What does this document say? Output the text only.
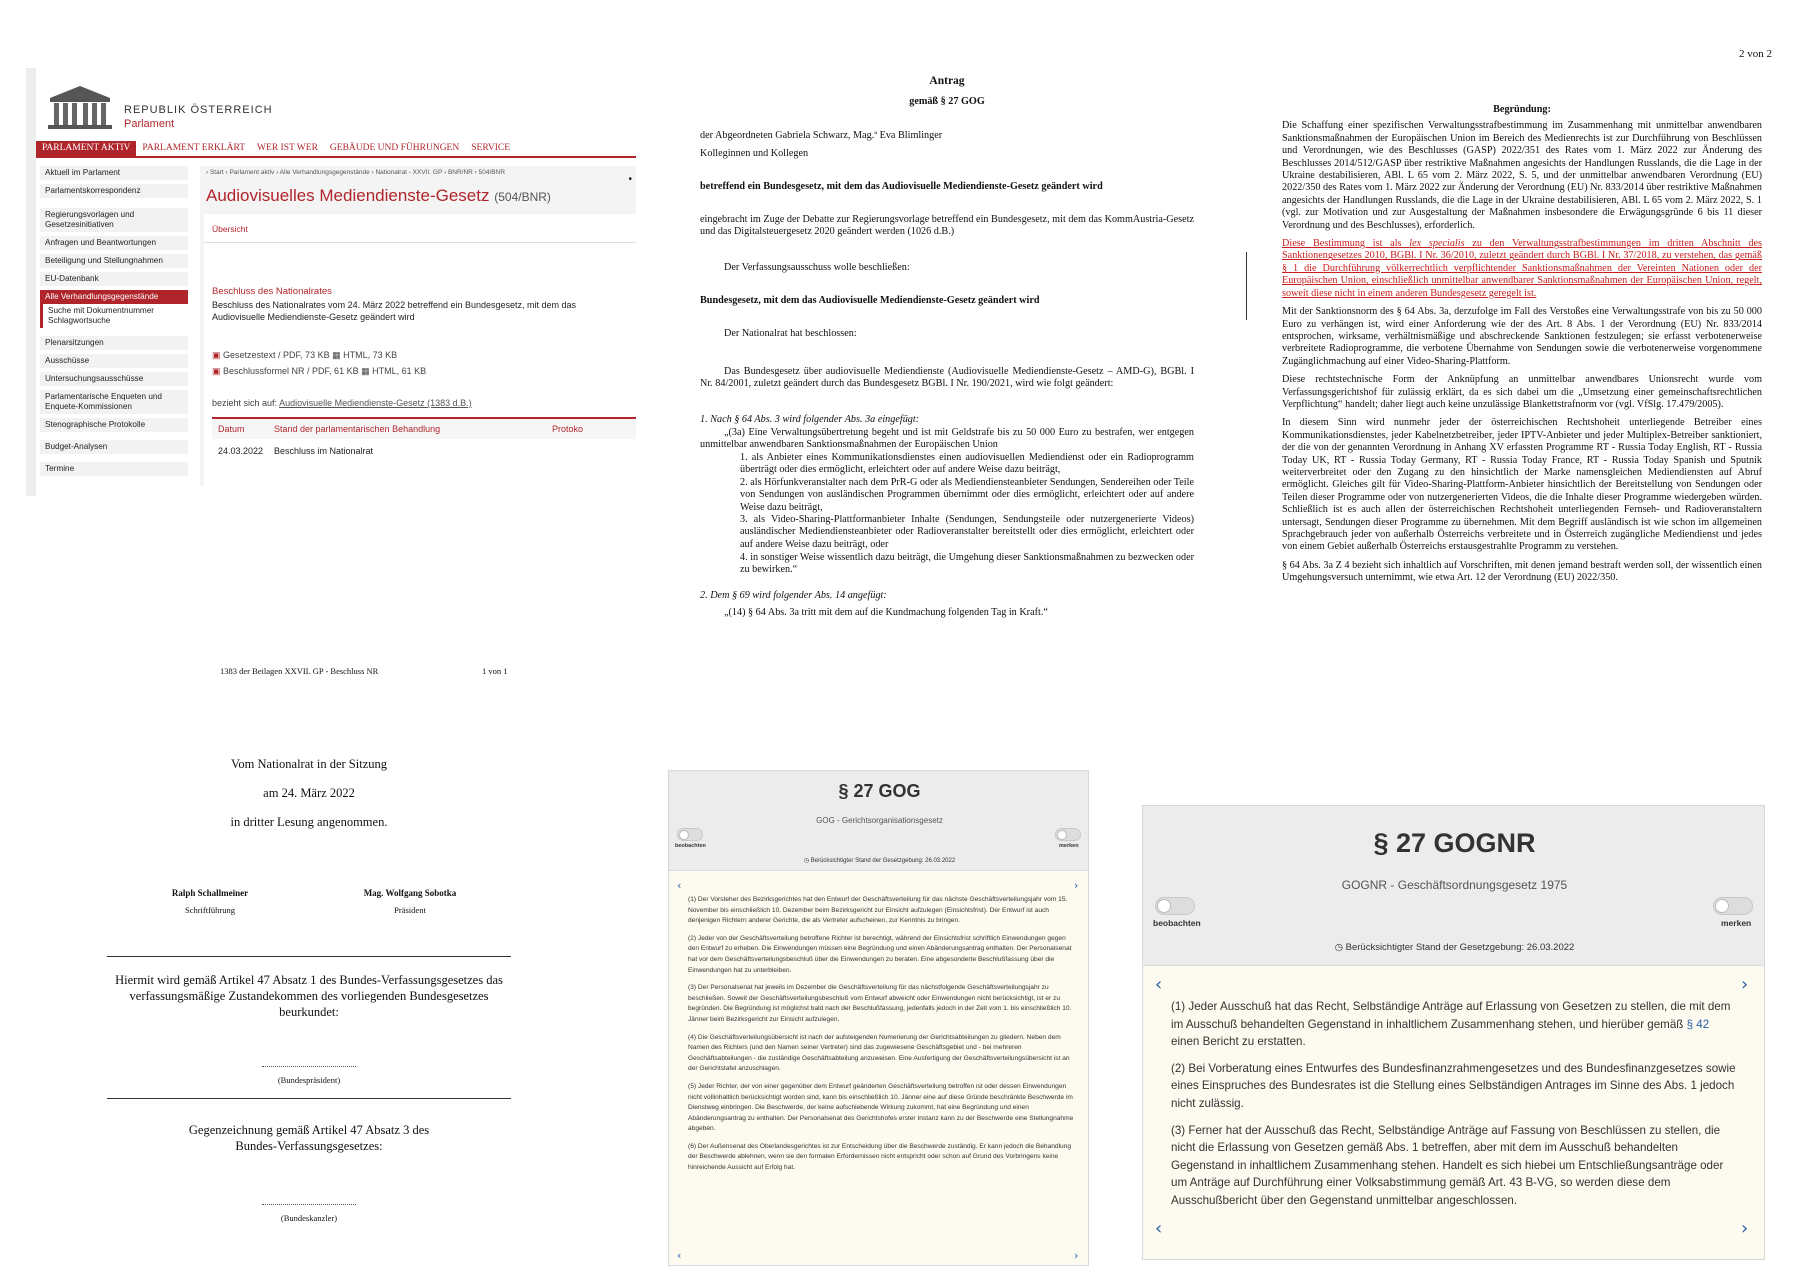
2 von 2
REPUBLIK ÖSTERREICH
Parlament
PARLAMENT AKTIV	PARLAMENT ERKLÄRT	WER IST WER	GEBÄUDE UND FÜHRUNGEN	SERVICE
Aktuell im Parlament
Parlamentskorrespondenz
Regierungsvorlagen und Gesetzesinitiativen
Anfragen und Beantwortungen
Beteiligung und Stellungnahmen
EU-Datenbank
Alle Verhandlungsgegenstände
Suche mit Dokumentnummer Schlagwortsuche
Plenarsitzungen
Ausschüsse
Untersuchungsausschüsse
Parlamentarische Enqueten und Enquete-Kommissionen
Stenographische Protokolle
Budget-Analysen
Termine
› Start › Parlament aktiv › Alle Verhandlungsgegenstände › Nationalrat - XXVII. GP › BNR/NR › 504/BNR
•
Audiovisuelles Mediendienste-Gesetz (504/BNR)
Übersicht
Beschluss des Nationalrates
Beschluss des Nationalrates vom 24. März 2022 betreffend ein Bundesgesetz, mit dem das Audiovisuelle Mediendienste-Gesetz geändert wird
▣ Gesetzestext / PDF, 73 KB ▦ HTML, 73 KB
▣ Beschlussformel NR / PDF, 61 KB ▦ HTML, 61 KB
bezieht sich auf: Audiovisuelle Mediendienste-Gesetz (1383 d.B.)
Datum	Stand der parlamentarischen Behandlung	Protoko
24.03.2022 Beschluss im Nationalrat

Antrag

gemäß § 27 GOG

der Abgeordneten Gabriela Schwarz, Mag.ª Eva Blimlinger

Kolleginnen und Kollegen

betreffend ein Bundesgesetz, mit dem das Audiovisuelle Mediendienste-Gesetz geändert wird

eingebracht im Zuge der Debatte zur Regierungsvorlage betreffend ein Bundesgesetz, mit dem das KommAustria-Gesetz und das Digitalsteuergesetz 2020 geändert werden (1026 d.B.)

Der Verfassungsausschuss wolle beschließen:

Bundesgesetz, mit dem das Audiovisuelle Mediendienste-Gesetz geändert wird

Der Nationalrat hat beschlossen:

Das Bundesgesetz über audiovisuelle Mediendienste (Audiovisuelle Mediendienste-Gesetz – AMD-G), BGBl. I Nr. 84/2001, zuletzt geändert durch das Bundesgesetz BGBl. I Nr. 190/2021, wird wie folgt geändert:

1. Nach § 64 Abs. 3 wird folgender Abs. 3a eingefügt:

„(3a) Eine Verwaltungsübertretung begeht und ist mit Geldstrafe bis zu 50 000 Euro zu bestrafen, wer entgegen unmittelbar anwendbaren Sanktionsmaßnahmen der Europäischen Union

1. als Anbieter eines Kommunikationsdienstes einen audiovisuellen Mediendienst oder ein Radioprogramm überträgt oder dies ermöglicht, erleichtert oder auf andere Weise dazu beiträgt,

2. als Hörfunkveranstalter nach dem PrR-G oder als Mediendiensteanbieter Sendungen, Sendereihen oder Teile von Sendungen von ausländischen Programmen übernimmt oder dies ermöglicht, erleichtert oder auf andere Weise dazu beiträgt,

3. als Video-Sharing-Plattformanbieter Inhalte (Sendungen, Sendungsteile oder nutzergenerierte Videos) ausländischer Mediendiensteanbieter oder Radioveranstalter bereitstellt oder dies ermöglicht, erleichtert oder auf andere Weise dazu beiträgt, oder

4. in sonstiger Weise wissentlich dazu beiträgt, die Umgehung dieser Sanktionsmaßnahmen zu bezwecken oder zu bewirken.“

2. Dem § 69 wird folgender Abs. 14 angefügt:

„(14) § 64 Abs. 3a tritt mit dem auf die Kundmachung folgenden Tag in Kraft.“

Begründung:

Die Schaffung einer spezifischen Verwaltungsstrafbestimmung im Zusammenhang mit unmittelbar anwendbaren Sanktionsmaßnahmen der Europäischen Union im Bereich des Medienrechts ist zur Durchführung von Beschlüssen und Verordnungen, wie des Beschlusses (GASP) 2022/351 des Rates vom 1. März 2022 zur Änderung des Beschlusses 2014/512/GASP über restriktive Maßnahmen angesichts der Handlungen Russlands, die die Lage in der Ukraine destabilisieren, ABl. L 65 vom 2. März 2022, S. 5, und der unmittelbar anwendbaren Verordnung (EU) 2022/350 des Rates vom 1. März 2022 zur Änderung der Verordnung (EU) Nr. 833/2014 über restriktive Maßnahmen angesichts der Handlungen Russlands, die die Lage in der Ukraine destabilisieren, ABl. L 65 vom 2. März 2022, S. 1 (vgl. zur Motivation und zur Ausgestaltung der Maßnahmen insbesondere die Erwägungsgründe 6 bis 11 dieser Verordnung und des Beschlusses), erforderlich.

Diese Bestimmung ist als lex specialis zu den Verwaltungsstrafbestimmungen im dritten Abschnitt des Sanktionengesetzes 2010, BGBl. I Nr. 36/2010, zuletzt geändert durch BGBl. I Nr. 37/2018, zu verstehen, das gemäß § 1 die Durchführung völkerrechtlich verpflichtender Sanktionsmaßnahmen der Vereinten Nationen oder der Europäischen Union, einschließlich unmittelbar anwendbarer Sanktionsmaßnahmen der Europäischen Union, regelt, soweit diese nicht in einem anderen Bundesgesetz geregelt ist.

Mit der Sanktionsnorm des § 64 Abs. 3a, derzufolge im Fall des Verstoßes eine Verwaltungsstrafe von bis zu 50 000 Euro zu verhängen ist, wird einer Anforderung wie der des Art. 8 Abs. 1 der Verordnung (EU) Nr. 833/2014 entsprochen, wirksame, verhältnismäßige und abschreckende Sanktionen festzulegen; sie erfasst verbotenerweise verbreitete Radioprogramme, die verbotene Übernahme von Sendungen sowie die verbotenerweise vorgenommene Zugänglichmachung auf einer Video-Sharing-Plattform.

Diese rechtstechnische Form der Anknüpfung an unmittelbar anwendbares Unionsrecht wurde vom Verfassungsgerichtshof für zulässig erklärt, da es sich dabei um die „Umsetzung einer gemeinschaftsrechtlichen Verpflichtung“ handelt; daher liegt auch keine unzulässige Blankettstrafnorm vor (vgl. VfSlg. 17.479/2005).

In diesem Sinn wird nunmehr jeder der österreichischen Rechtshoheit unterliegende Betreiber eines Kommunikationsdienstes, jeder Kabelnetzbetreiber, jeder IPTV-Anbieter und jeder Multiplex-Betreiber sanktioniert, der die von der genannten Verordnung in Anhang XV erfassten Programme RT - Russia Today English, RT - Russia Today UK, RT - Russia Today Germany, RT - Russia Today France, RT - Russia Today Spanish und Sputnik weiterverbreitet oder den Zugang zu den hinsichtlich der Marke namensgleichen Mediendiensten auf Abruf ermöglicht. Gleiches gilt für Video-Sharing-Plattform-Anbieter hinsichtlich der Bereitstellung von Sendungen oder Teilen dieser Programme oder von nutzergenerierten Videos, die die Inhalte dieser Programme wiedergeben würden. Schließlich ist es auch allen der österreichischen Rechtshoheit unterliegenden Fernseh- und Radioveranstaltern untersagt, Sendungen dieser Programme zu übernehmen. Mit dem Begriff ausländisch ist wie schon im allgemeinen Sprachgebrauch jeder von außerhalb Österreichs verbreitete und in Österreich zugängliche Mediendienst und jedes von einem Gebiet außerhalb Österreichs erstausgestrahlte Programm zu verstehen.

§ 64 Abs. 3a Z 4 bezieht sich inhaltlich auf Vorschriften, mit denen jemand bestraft werden soll, der wissentlich einen Umgehungsversuch unternimmt, wie etwa Art. 12 der Verordnung (EU) 2022/350.

1383 der Beilagen XXVII. GP - Beschluss NR	1 von 1
Vom Nationalrat in der Sitzung
am 24. März 2022
in dritter Lesung angenommen.
Ralph Schallmeiner
Schriftführung
Mag. Wolfgang Sobotka
Präsident
Hiermit wird gemäß Artikel 47 Absatz 1 des Bundes-Verfassungsgesetzes das verfassungsmäßige Zustandekommen des vorliegenden Bundesgesetzes beurkundet:
(Bundespräsident)
Gegenzeichnung gemäß Artikel 47 Absatz 3 des Bundes-Verfassungsgesetzes:
(Bundeskanzler)
§ 27 GOG
GOG - Gerichtsorganisationsgesetz
beobachten	merken
◷ Berücksichtigter Stand der Gesetzgebung: 26.03.2022
‹	›

(1) Der Vorsteher des Bezirksgerichtes hat den Entwurf der Geschäftsverteilung für das nächste Geschäftsverteilungsjahr vom 15. November bis einschließlich 10. Dezember beim Bezirksgericht zur Einsicht aufzulegen (Einsichtsfrist). Der Entwurf ist auch denjenigen Richtern anderer Gerichte, die als Vertreter aufscheinen, zur Kenntnis zu bringen.

(2) Jeder von der Geschäftsverteilung betroffene Richter ist berechtigt, während der Einsichtsfrist schriftlich Einwendungen gegen den Entwurf zu erheben. Die Einwendungen müssen eine Begründung und einen Abänderungsantrag enthalten. Der Personalsenat hat vor dem Geschäftsverteilungsbeschluß über die Einwendungen zu beraten. Eine abgesonderte Beschlußfassung über die Einwendungen hat zu unterbleiben.

(3) Der Personalsenat hat jeweils im Dezember die Geschäftsverteilung für das nächstfolgende Geschäftsverteilungsjahr zu beschließen. Soweit der Geschäftsverteilungsbeschluß vom Entwurf abweicht oder Einwendungen nicht berücksichtigt, ist er zu begründen. Die Begründung ist möglichst bald nach der Beschlußfassung, jedenfalls jedoch in der Zeit vom 1. bis einschließlich 10. Jänner beim Bezirksgericht zur Einsicht aufzulegen.

(4) Die Geschäftsverteilungsübersicht ist nach der aufsteigenden Numerierung der Gerichtsabteilungen zu gliedern. Neben dem Namen des Richters (und den Namen seiner Vertreter) sind das zugewiesene Geschäftsgebiet und - bei mehreren Geschäftsabteilungen - die zuständige Geschäftsabteilung anzuweisen. Eine Ausfertigung der Geschäftsverteilungsübersicht ist an der Gerichtstafel anzuschlagen.

(5) Jeder Richter, der von einer gegenüber dem Entwurf geänderten Geschäftsverteilung betroffen ist oder dessen Einwendungen nicht vollinhaltlich berücksichtigt worden sind, kann bis einschließlich 10. Jänner eine auf diese Gründe beschränkte Beschwerde im Dienstweg einbringen. Die Beschwerde, der keine aufschiebende Wirkung zukommt, hat eine Begründung und einen Abänderungsantrag zu enthalten. Der Personalsenat des Gerichtshofes erster Instanz kann zu der Beschwerde eine Stellungnahme abgeben.

(6) Der Außensenat des Oberlandesgerichtes ist zur Entscheidung über die Beschwerde zuständig. Er kann jedoch die Behandlung der Beschwerde ablehnen, wenn sie den formalen Erfordernissen nicht entspricht oder schon auf Grund des Vorbringens keine hinreichende Aussicht auf Erfolg hat.

‹	›
§ 27 GOGNR
GOGNR - Geschäftsordnungsgesetz 1975
beobachten	merken
◷ Berücksichtigter Stand der Gesetzgebung: 26.03.2022
‹	›

(1) Jeder Ausschuß hat das Recht, Selbständige Anträge auf Erlassung von Gesetzen zu stellen, die mit dem im Ausschuß behandelten Gegenstand in inhaltlichem Zusammenhang stehen, und hierüber gemäß § 42 einen Bericht zu erstatten.

(2) Bei Vorberatung eines Entwurfes des Bundesfinanzrahmengesetzes und des Bundesfinanzgesetzes sowie eines Einspruches des Bundesrates ist die Stellung eines Selbständigen Antrages im Sinne des Abs. 1 jedoch nicht zulässig.

(3) Ferner hat der Ausschuß das Recht, Selbständige Anträge auf Fassung von Beschlüssen zu stellen, die nicht die Erlassung von Gesetzen gemäß Abs. 1 betreffen, aber mit dem im Ausschuß behandelten Gegenstand in inhaltlichem Zusammenhang stehen. Handelt es sich hiebei um Entschließungsanträge oder um Anträge auf Durchführung einer Volksabstimmung gemäß Art. 43 B-VG, so werden diese dem Ausschußbericht über den Gegenstand unmittelbar angeschlossen.

‹	›
